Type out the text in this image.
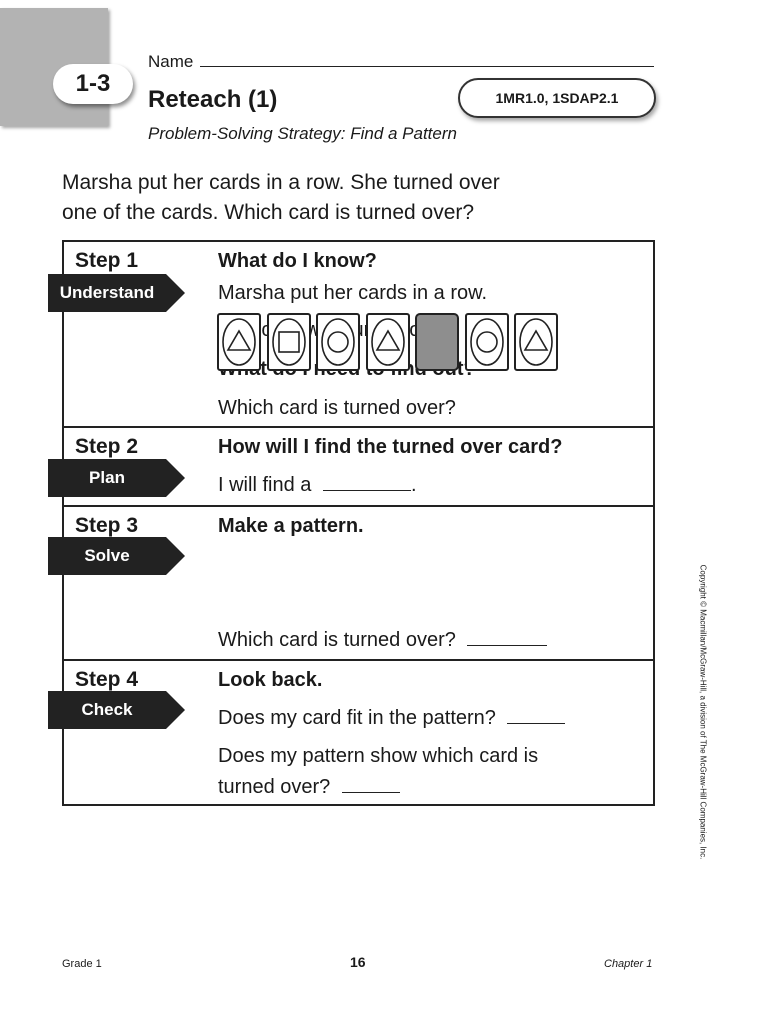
1-3
Name
Reteach (1)	1MR1.0, 1SDAP2.1
Problem-Solving Strategy: Find a Pattern
Marsha put her cards in a row. She turned over
one of the cards. Which card is turned over?
Step 1
Understand
What do I know?
Marsha put her cards in a row.
Which card is turned over?
Step 2
Plan
How will I find the turned over card?
I will find a	.
Step 3
Solve
Make a pattern.
Which card is turned over?
Step 4
Check
Look back.
Does my card fit in the pattern?
Does my pattern show which card is
turned over?	Copyright © Macmillan/McGraw-Hill, a division of The McGraw-Hill Companies, Inc.
Grade 1	16	Chapter 1
